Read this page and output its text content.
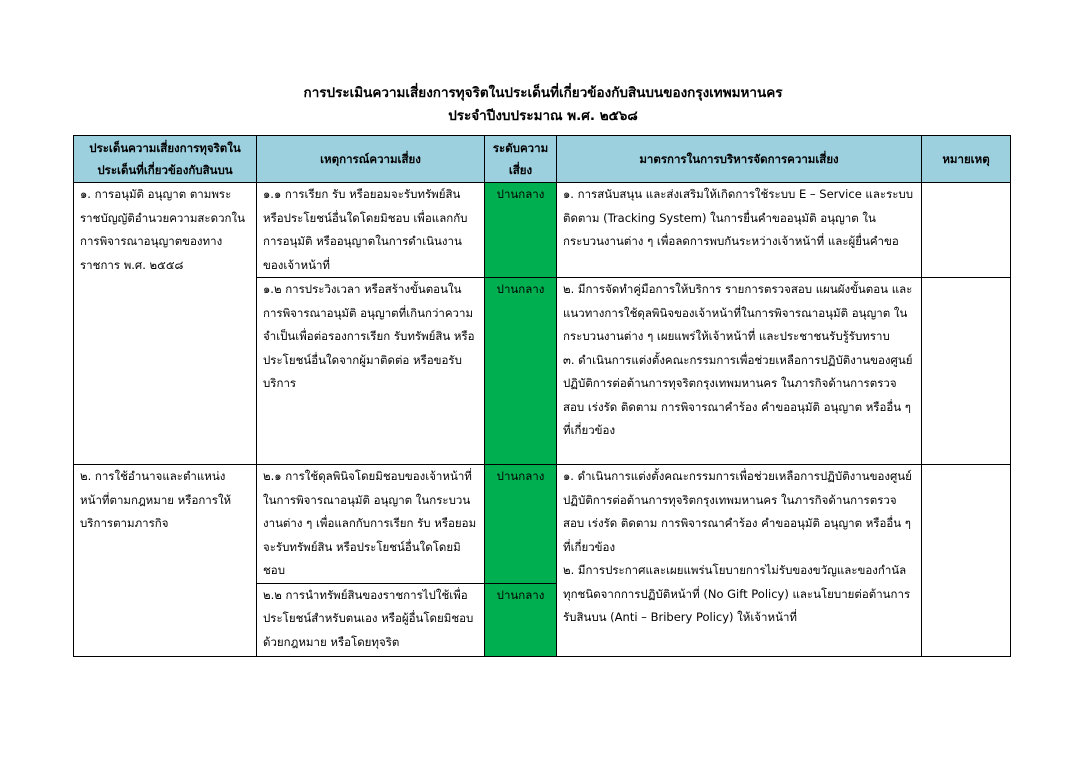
การประเมินความเสี่ยงการทุจริตในประเด็นที่เกี่ยวข้องกับสินบนของกรุงเทพมหานคร
ประจำปีงบประมาณ พ.ศ. ๒๕๖๘
ประเด็นความเสี่ยงการทุจริตในประเด็นที่เกี่ยวข้องกับสินบน	เหตุการณ์ความเสี่ยง	ระดับความเสี่ยง	มาตรการในการบริหารจัดการความเสี่ยง	หมายเหตุ
๑. การอนุมัติ อนุญาต ตามพระราชบัญญัติอำนวยความสะดวกในการพิจารณาอนุญาตของทางราชการ พ.ศ. ๒๕๕๘	๑.๑ การเรียก รับ หรือยอมจะรับทรัพย์สิน หรือประโยชน์อื่นใดโดยมิชอบ เพื่อแลกกับการอนุมัติ หรืออนุญาตในการดำเนินงานของเจ้าหน้าที่	ปานกลาง	๑. การสนับสนุน และส่งเสริมให้เกิดการใช้ระบบ E – Service และระบบติดตาม (Tracking System) ในการยื่นคำขออนุมัติ อนุญาต ในกระบวนงานต่าง ๆ เพื่อลดการพบกันระหว่างเจ้าหน้าที่ และผู้ยื่นคำขอ	

	๑.๒ การประวิงเวลา หรือสร้างขั้นตอนในการพิจารณาอนุมัติ อนุญาตที่เกินกว่าความจำเป็นเพื่อต่อรองการเรียก รับทรัพย์สิน หรือประโยชน์อื่นใดจากผู้มาติดต่อ หรือขอรับบริการ	ปานกลาง	๒. มีการจัดทำคู่มือการให้บริการ รายการตรวจสอบ แผนผังขั้นตอน และแนวทางการใช้ดุลพินิจของเจ้าหน้าที่ในการพิจารณาอนุมัติ อนุญาต ในกระบวนงานต่าง ๆ เผยแพร่ให้เจ้าหน้าที่ และประชาชนรับรู้รับทราบ
๓. ดำเนินการแต่งตั้งคณะกรรมการเพื่อช่วยเหลือการปฏิบัติงานของศูนย์ปฏิบัติการต่อต้านการทุจริตกรุงเทพมหานคร ในภารกิจด้านการตรวจสอบ เร่งรัด ติดตาม การพิจารณาคำร้อง คำขออนุมัติ อนุญาต หรืออื่น ๆ ที่เกี่ยวข้อง	

๒. การใช้อำนาจและตำแหน่งหน้าที่ตามกฎหมาย หรือการให้บริการตามภารกิจ	๒.๑ การใช้ดุลพินิจโดยมิชอบของเจ้าหน้าที่ในการพิจารณาอนุมัติ อนุญาต ในกระบวนงานต่าง ๆ เพื่อแลกกับการเรียก รับ หรือยอมจะรับทรัพย์สิน หรือประโยชน์อื่นใดโดยมิชอบ	ปานกลาง	๑. ดำเนินการแต่งตั้งคณะกรรมการเพื่อช่วยเหลือการปฏิบัติงานของศูนย์ปฏิบัติการต่อต้านการทุจริตกรุงเทพมหานคร ในภารกิจด้านการตรวจสอบ เร่งรัด ติดตาม การพิจารณาคำร้อง คำขออนุมัติ อนุญาต หรืออื่น ๆ ที่เกี่ยวข้อง
๒. มีการประกาศและเผยแพร่นโยบายการไม่รับของขวัญและของกำนัลทุกชนิดจากการปฏิบัติหน้าที่ (No Gift Policy) และนโยบายต่อต้านการรับสินบน (Anti – Bribery Policy) ให้เจ้าหน้าที่	

	๒.๒ การนำทรัพย์สินของราชการไปใช้เพื่อประโยชน์สำหรับตนเอง หรือผู้อื่นโดยมิชอบด้วยกฎหมาย หรือโดยทุจริต	ปานกลาง		
